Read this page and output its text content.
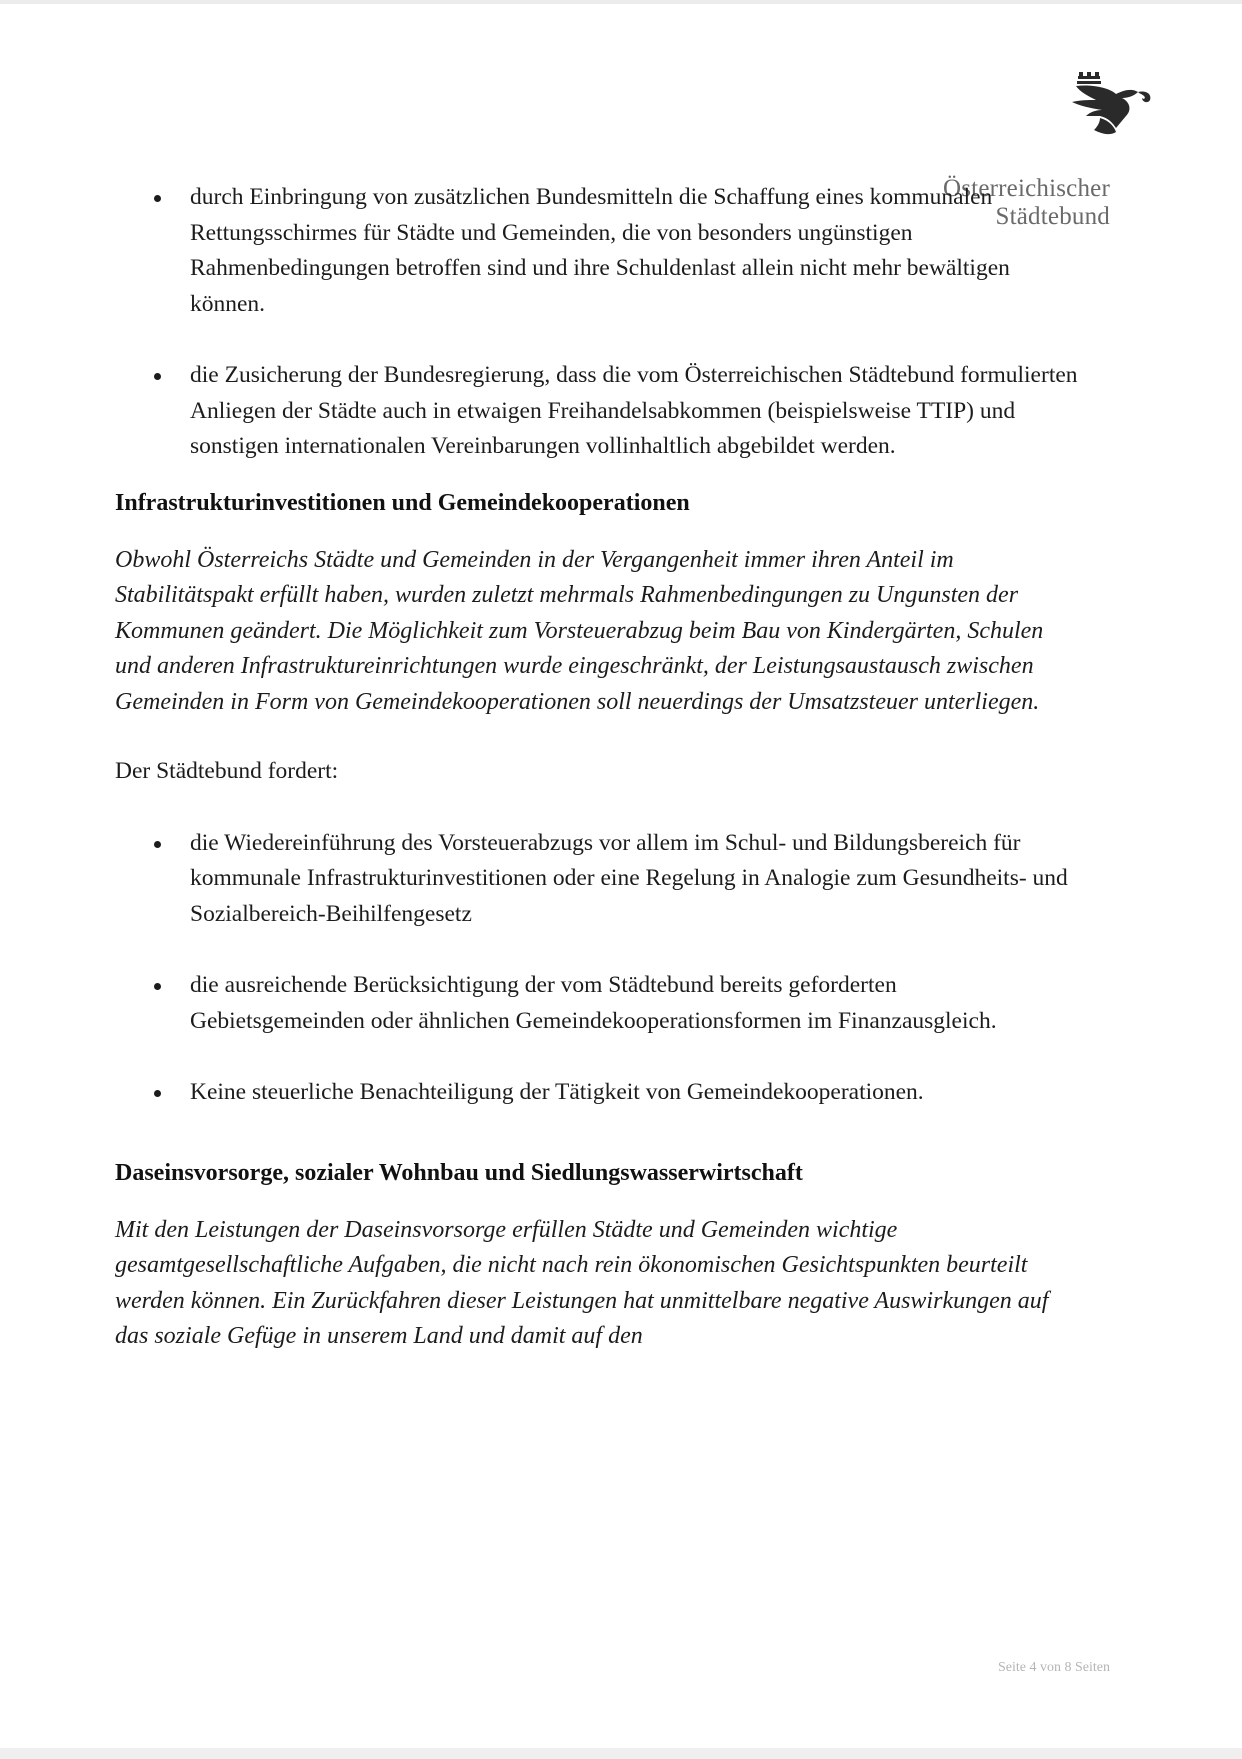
Österreichischer
Städtebund
durch Einbringung von zusätzlichen Bundesmitteln die Schaffung eines kommunalen Rettungsschirmes für Städte und Gemeinden, die von besonders ungünstigen Rahmenbedingungen betroffen sind und ihre Schuldenlast allein nicht mehr bewältigen können.
die Zusicherung der Bundesregierung, dass die vom Österreichischen Städtebund formulierten Anliegen der Städte auch in etwaigen Freihandelsabkommen (beispielsweise TTIP) und sonstigen internationalen Vereinbarungen vollinhaltlich abgebildet werden.
Infrastrukturinvestitionen und Gemeindekooperationen

Obwohl Österreichs Städte und Gemeinden in der Vergangenheit immer ihren Anteil im Stabilitätspakt erfüllt haben, wurden zuletzt mehrmals Rahmenbedingungen zu Ungunsten der Kommunen geändert. Die Möglichkeit zum Vorsteuerabzug beim Bau von Kindergärten, Schulen und anderen Infrastruktureinrichtungen wurde eingeschränkt, der Leistungsaustausch zwischen Gemeinden in Form von Gemeindekooperationen soll neuerdings der Umsatzsteuer unterliegen.

Der Städtebund fordert:

die Wiedereinführung des Vorsteuerabzugs vor allem im Schul- und Bildungsbereich für kommunale Infrastrukturinvestitionen oder eine Regelung in Analogie zum Gesundheits- und Sozialbereich-Beihilfengesetz
die ausreichende Berücksichtigung der vom Städtebund bereits geforderten Gebietsgemeinden oder ähnlichen Gemeindekooperationsformen im Finanzausgleich.
Keine steuerliche Benachteiligung der Tätigkeit von Gemeindekooperationen.
Daseinsvorsorge, sozialer Wohnbau und Siedlungswasserwirtschaft

Mit den Leistungen der Daseinsvorsorge erfüllen Städte und Gemeinden wichtige gesamtgesellschaftliche Aufgaben, die nicht nach rein ökonomischen Gesichtspunkten beurteilt werden können. Ein Zurückfahren dieser Leistungen hat unmittelbare negative Auswirkungen auf das soziale Gefüge in unserem Land und damit auf den

Seite 4 von 8 Seiten
